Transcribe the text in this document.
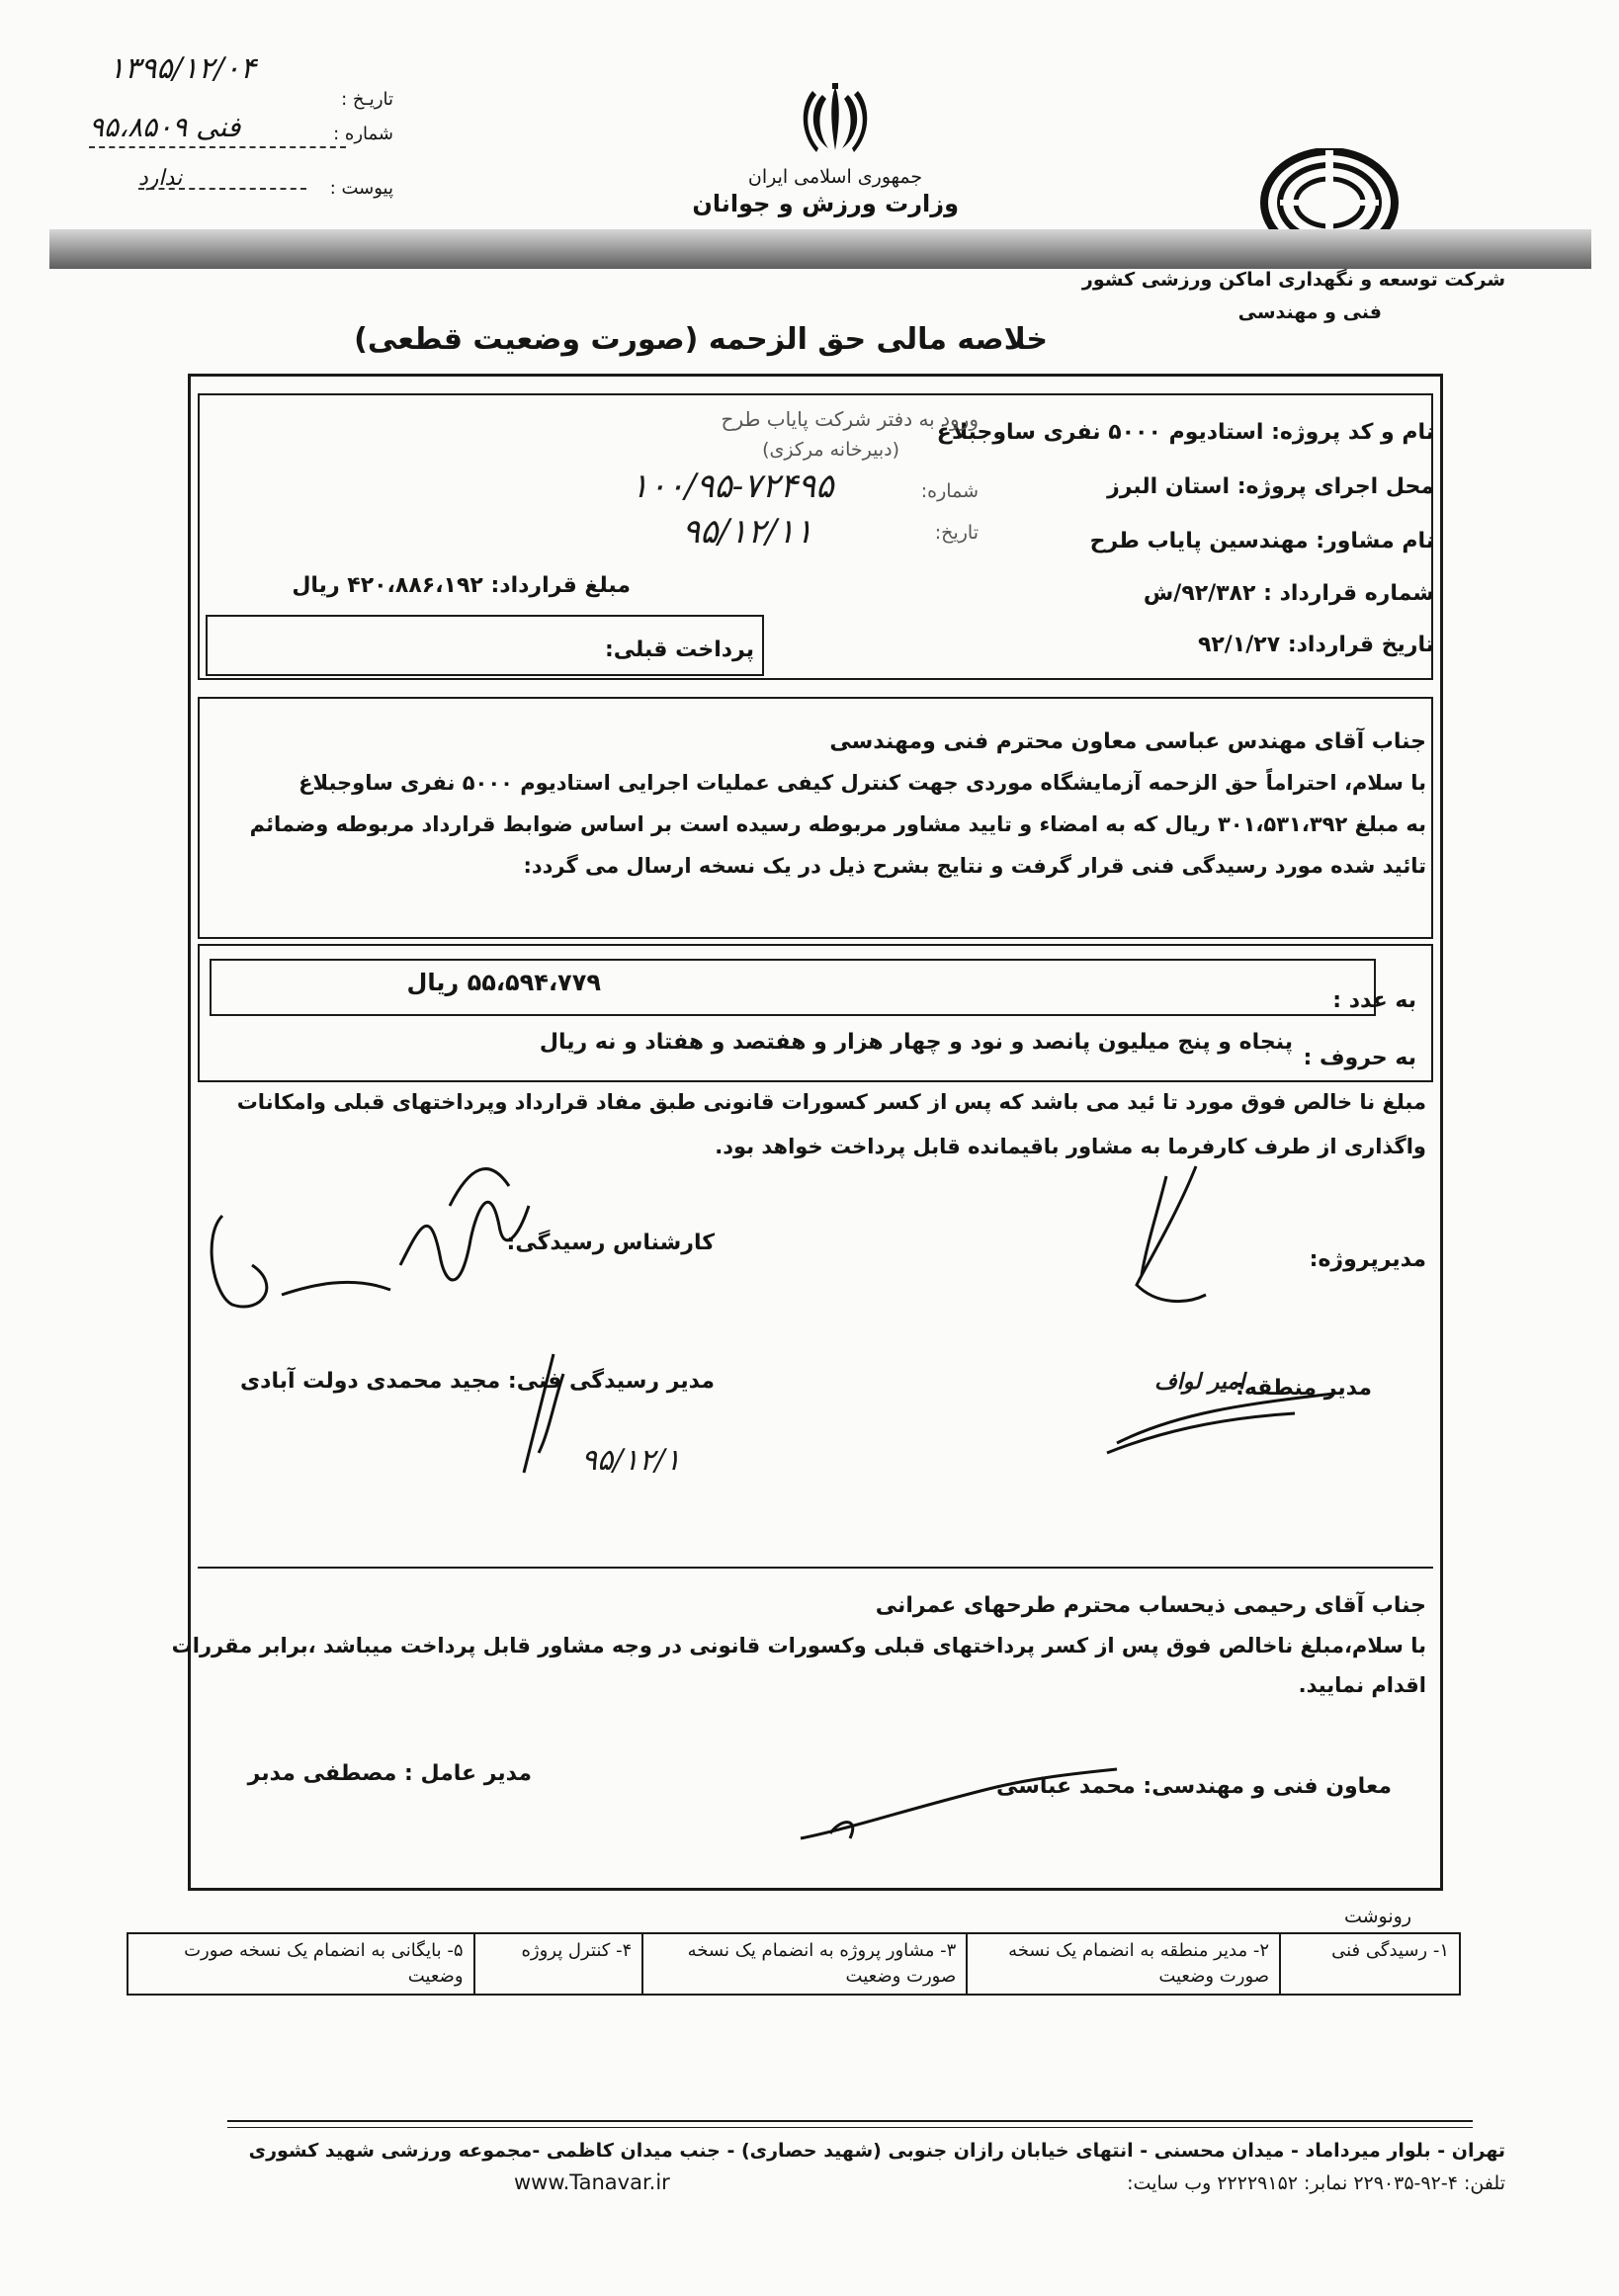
تاریـخ :
۱۳۹۵/۱۲/۰۴
شماره :
۹۵،۸۵۰۹ فنی
پیوست :
ندارد	جمهوری اسلامی ایران
وزارت ورزش و جوانان
شرکت توسعه و نگهداری اماکن ورزشی کشور
فنی و مهندسی
خلاصه مالی حق الزحمه (صورت وضعیت قطعی)
نام و کد پروژه: استادیوم ۵۰۰۰ نفری ساوجبلاغ
محل اجرای پروژه: استان البرز
نام مشاور: مهندسین پایاب طرح
شماره قرارداد : ۹۲/۳۸۲/ش
تاریخ قرارداد: ۹۲/۱/۲۷
مبلغ قرارداد: ۴۲۰،۸۸۶،۱۹۲ ریال
پرداخت قبلی:
ورود به دفتر شرکت پایاب طرح
(دبیرخانه مرکزی)
شماره:
۱۰۰/۹۵-۷۲۴۹۵
تاریخ:
۹۵/۱۲/۱۱
جناب آقای مهندس عباسی معاون محترم فنی ومهندسی
با سلام، احتراماً حق الزحمه آزمایشگاه موردی جهت کنترل کیفی عملیات اجرایی استادیوم ۵۰۰۰ نفری ساوجبلاغ
به مبلغ ۳۰۱،۵۳۱،۳۹۲ ریال که به امضاء و تایید مشاور مربوطه رسیده است بر اساس ضوابط قرارداد مربوطه وضمائم
تائید شده مورد رسیدگی فنی قرار گرفت و نتایج بشرح ذیل در یک نسخه ارسال می گردد:
به عدد :
۵۵،۵۹۴،۷۷۹ ریال
به حروف :
پنجاه و پنج میلیون پانصد و نود و چهار هزار و هفتصد و هفتاد و نه ریال
مبلغ نا خالص فوق مورد تا ئید می باشد که پس از کسر کسورات قانونی طبق مفاد قرارداد وپرداختهای قبلی وامکانات
واگذاری از طرف کارفرما به مشاور باقیمانده قابل پرداخت خواهد بود.
مدیرپروژه:
کارشناس رسیدگی:
مدیر منطقه:
امیر لواف
مدیر رسیدگی فنی: مجید محمدی دولت آبادی
۹۵/۱۲/۱
جناب آقای رحیمی ذیحساب محترم طرحهای عمرانی
با سلام،مبلغ ناخالص فوق پس از کسر پرداختهای قبلی وکسورات قانونی در وجه مشاور قابل پرداخت میباشد ،برابر مقررات
اقدام نمایید.
معاون فنی و مهندسی: محمد عباسی
مدیر عامل : مصطفی مدبر
رونوشت
۱- رسیدگی فنی	۲- مدیر منطقه به انضمام یک نسخه صورت وضعیت	۳- مشاور پروژه به انضمام یک نسخه صورت وضعیت	۴- کنترل پروژه	۵- بایگانی به انضمام یک نسخه صورت وضعیت
تهران - بلوار میرداماد - میدان محسنی - انتهای خیابان رازان جنوبی (شهید حصاری) - جنب میدان کاظمی -مجموعه ورزشی شهید کشوری
تلفن: ۴-۹۲-۲۲۹۰۳۵ نمابر: ۲۲۲۲۹۱۵۲ وب سایت:
www.Tanavar.ir
